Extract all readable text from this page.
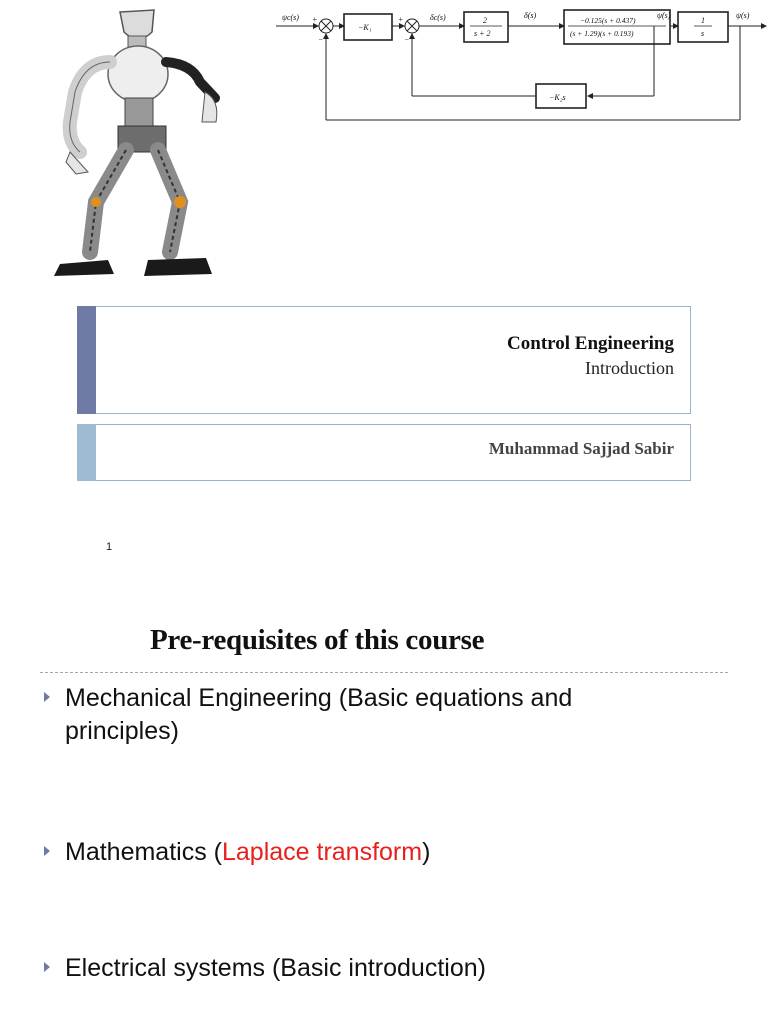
ψc(s) +
−
−K₁
+
−
δc(s)	2
s + 2
δ(s)
−0.125(s + 0.437)
(s + 1.29)(s + 0.193)
ψ̇(s)
1
s
ψ(s)
−K₂s
Control Engineering
Introduction
Muhammad Sajjad Sabir
1
Pre-requisites of this course
Mechanical Engineering (Basic equations and principles)
Mathematics (Laplace transform)
Electrical systems (Basic introduction)
